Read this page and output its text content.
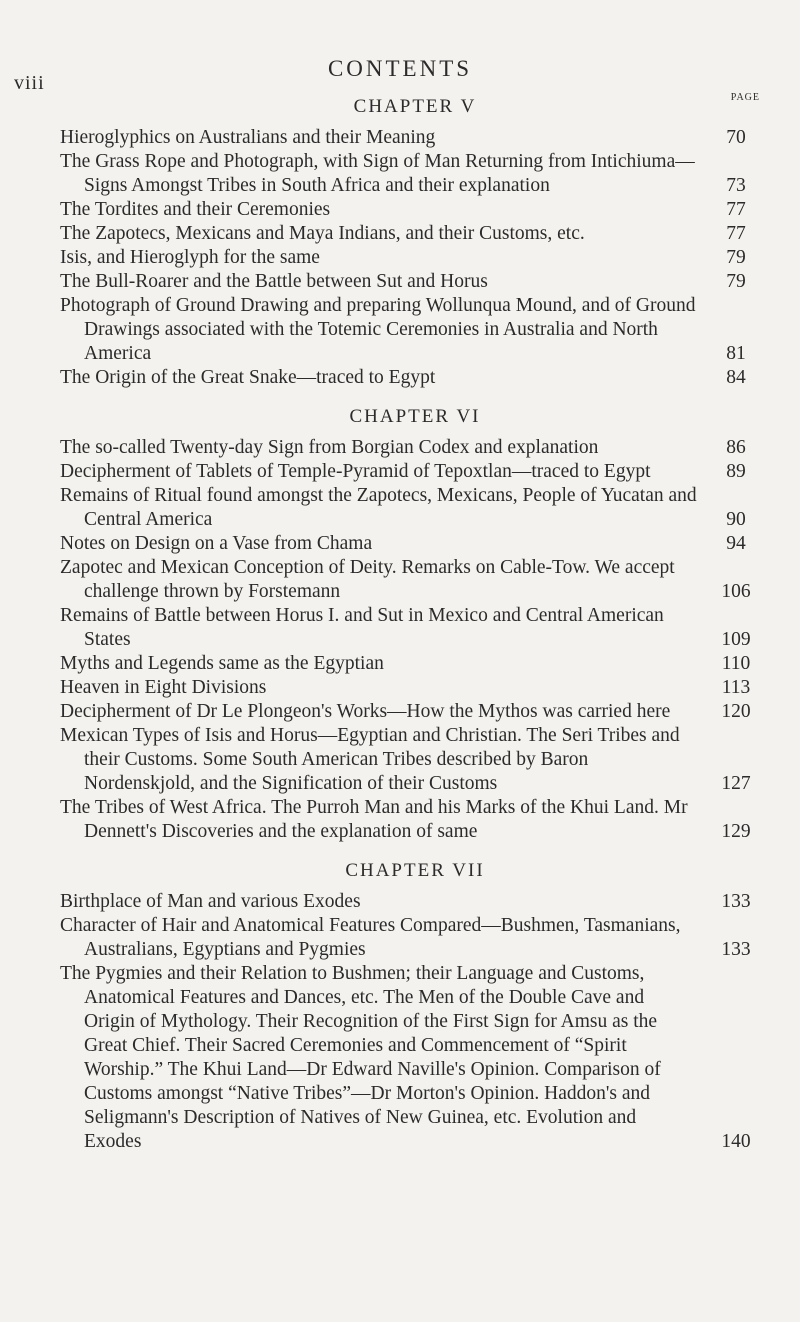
viii
CONTENTS
PAGE
CHAPTER V
Hieroglyphics on Australians and their Meaning	70
The Grass Rope and Photograph, with Sign of Man Returning from Intichiuma—Signs Amongst Tribes in South Africa and their explanation	73
The Tordites and their Ceremonies	77
The Zapotecs, Mexicans and Maya Indians, and their Customs, etc.	77
Isis, and Hieroglyph for the same	79
The Bull-Roarer and the Battle between Sut and Horus	79
Photograph of Ground Drawing and preparing Wollunqua Mound, and of Ground Drawings associated with the Totemic Ceremonies in Australia and North America	81
The Origin of the Great Snake—traced to Egypt	84
CHAPTER VI
The so-called Twenty-day Sign from Borgian Codex and explanation	86
Decipherment of Tablets of Temple-Pyramid of Tepoxtlan—traced to Egypt	89
Remains of Ritual found amongst the Zapotecs, Mexicans, People of Yucatan and Central America	90
Notes on Design on a Vase from Chama	94
Zapotec and Mexican Conception of Deity. Remarks on Cable-Tow. We accept challenge thrown by Forstemann	106
Remains of Battle between Horus I. and Sut in Mexico and Central American States	109
Myths and Legends same as the Egyptian	110
Heaven in Eight Divisions	113
Decipherment of Dr Le Plongeon's Works—How the Mythos was carried here	120
Mexican Types of Isis and Horus—Egyptian and Christian. The Seri Tribes and their Customs. Some South American Tribes described by Baron Nordenskjold, and the Signification of their Customs	127
The Tribes of West Africa. The Purroh Man and his Marks of the Khui Land. Mr Dennett's Discoveries and the explanation of same	129
CHAPTER VII
Birthplace of Man and various Exodes	133
Character of Hair and Anatomical Features Compared—Bushmen, Tasmanians, Australians, Egyptians and Pygmies	133
The Pygmies and their Relation to Bushmen; their Language and Customs, Anatomical Features and Dances, etc. The Men of the Double Cave and Origin of Mythology. Their Recognition of the First Sign for Amsu as the Great Chief. Their Sacred Ceremonies and Commencement of “Spirit Worship.” The Khui Land—Dr Edward Naville's Opinion. Comparison of Customs amongst “Native Tribes”—Dr Morton's Opinion. Haddon's and Seligmann's Description of Natives of New Guinea, etc. Evolution and Exodes	140
